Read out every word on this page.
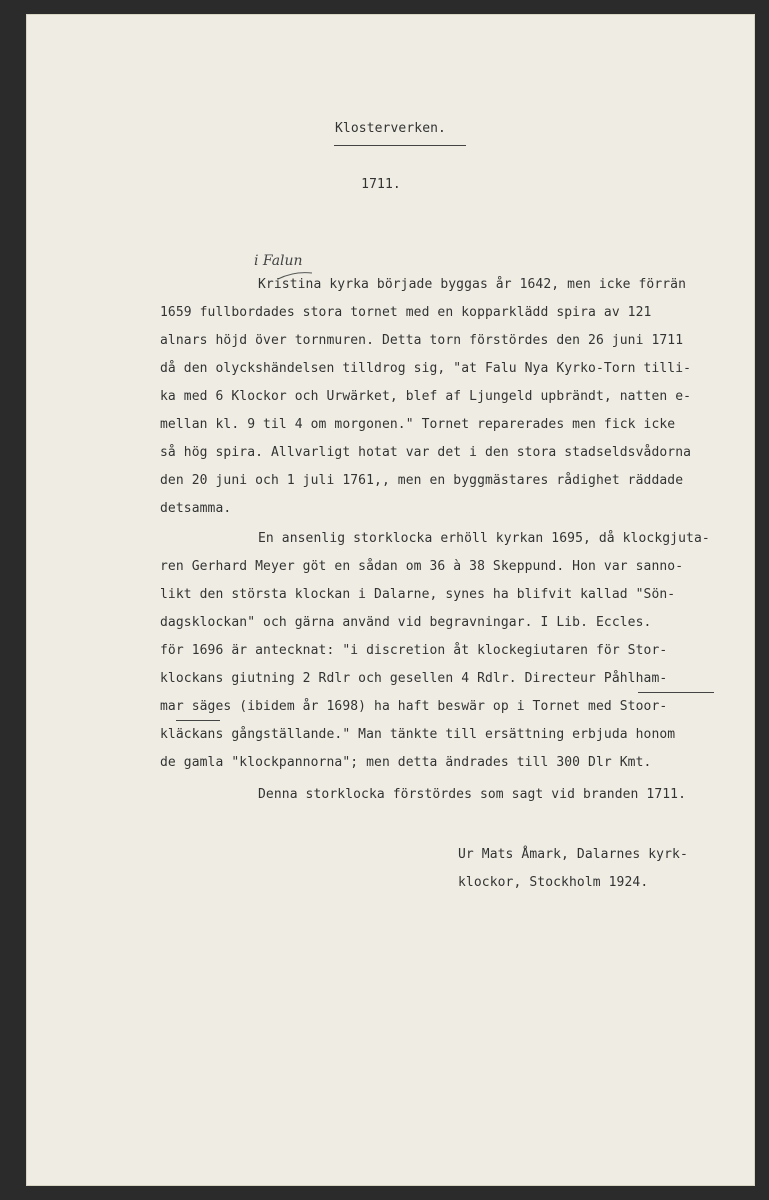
Klosterverken.
1711.
i Falun
Kristina kyrka började byggas år 1642, men icke förrän
1659 fullbordades stora tornet med en kopparklädd spira av 121
alnars höjd över tornmuren. Detta torn förstördes den 26 juni 1711
då den olyckshändelsen tilldrog sig, "at Falu Nya Kyrko-Torn tilli-
ka med 6 Klockor och Urwärket, blef af Ljungeld upbrändt, natten e-
mellan kl. 9 til 4 om morgonen." Tornet reparerades men fick icke
så hög spira. Allvarligt hotat var det i den stora stadseldsvådorna
den 20 juni och 1 juli 1761,, men en byggmästares rådighet räddade
detsamma.
En ansenlig storklocka erhöll kyrkan 1695, då klockgjuta-
ren Gerhard Meyer göt en sådan om 36 à 38 Skeppund. Hon var sanno-
likt den största klockan i Dalarne, synes ha blifvit kallad "Sön-
dagsklockan" och gärna använd vid begravningar. I Lib. Eccles.
för 1696 är antecknat: "i discretion åt klockegiutaren för Stor-
klockans giutning 2 Rdlr och gesellen 4 Rdlr. Directeur Påhlham-
mar säges (ibidem år 1698) ha haft beswär op i Tornet med Stoor-
kläckans gångställande." Man tänkte till ersättning erbjuda honom
de gamla "klockpannorna"; men detta ändrades till 300 Dlr Kmt.
Denna storklocka förstördes som sagt vid branden 1711.
Ur Mats Åmark, Dalarnes kyrk-
klockor, Stockholm 1924.
